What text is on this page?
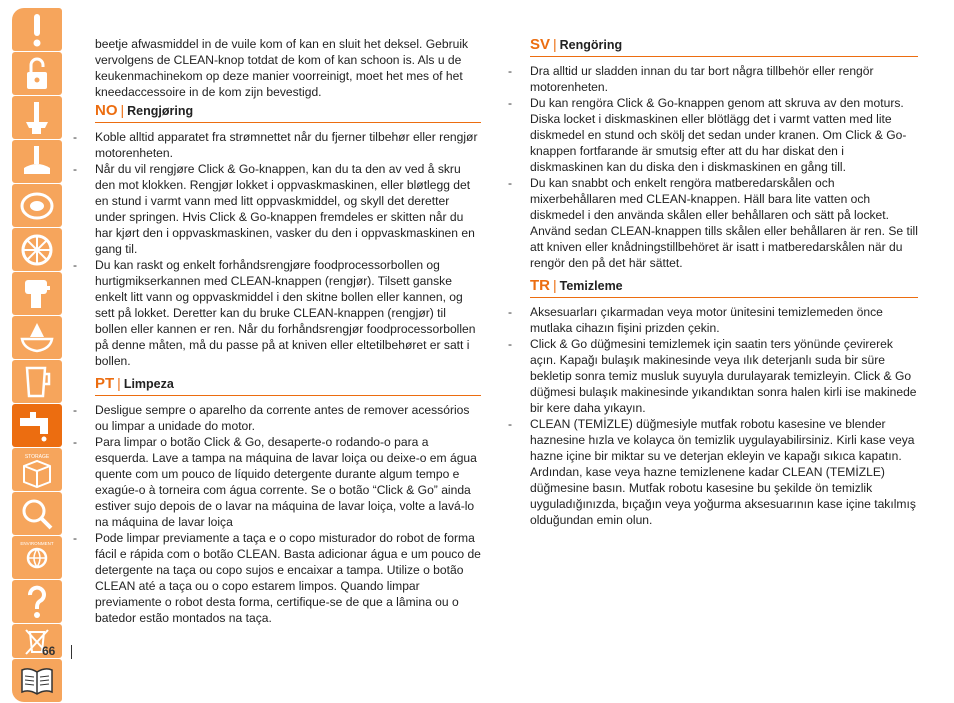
STORAGE
ENVIRONMENT
66

beetje afwasmiddel in de vuile kom of kan en sluit het deksel. Gebruik vervolgens de CLEAN-knop totdat de kom of kan schoon is. Als u de keukenmachinekom op deze manier voorreinigt, moet het mes of het kneedaccessoire in de kom zijn bevestigd.

NO | Rengjøring
- Koble alltid apparatet fra strømnettet når du fjerner tilbehør eller rengjør motorenheten.
- Når du vil rengjøre Click & Go-knappen, kan du ta den av ved å skru den mot klokken. Rengjør lokket i oppvaskmaskinen, eller bløtlegg det en stund i varmt vann med litt oppvaskmiddel, og skyll det deretter under springen. Hvis Click & Go-knappen fremdeles er skitten når du har kjørt den i oppvaskmaskinen, vasker du den i oppvaskmaskinen en gang til.
- Du kan raskt og enkelt forhåndsrengjøre foodprocessorbollen og hurtigmikserkannen med CLEAN-knappen (rengjør). Tilsett ganske enkelt litt vann og oppvaskmiddel i den skitne bollen eller kannen, og sett på lokket. Deretter kan du bruke CLEAN-knappen (rengjør) til bollen eller kannen er ren. Når du forhåndsrengjør foodprocessorbollen på denne måten, må du passe på at kniven eller eltetilbehøret er satt i bollen.
PT | Limpeza
- Desligue sempre o aparelho da corrente antes de remover acessórios ou limpar a unidade do motor.
- Para limpar o botão Click & Go, desaperte-o rodando-o para a esquerda. Lave a tampa na máquina de lavar loiça ou deixe-o em água quente com um pouco de líquido detergente durante algum tempo e exagúe-o à torneira com água corrente. Se o botão “Click & Go” ainda estiver sujo depois de o lavar na máquina de lavar loiça, volte a lavá-lo na máquina de lavar loiça
- Pode limpar previamente a taça e o copo misturador do robot de forma fácil e rápida com o botão CLEAN. Basta adicionar água e um pouco de detergente na taça ou copo sujos e encaixar a tampa. Utilize o botão CLEAN até a taça ou o copo estarem limpos. Quando limpar previamente o robot desta forma, certifique-se de que a lâmina ou o batedor estão montados na taça.
SV | Rengöring
- Dra alltid ur sladden innan du tar bort några tillbehör eller rengör motorenheten.
- Du kan rengöra Click & Go-knappen genom att skruva av den moturs. Diska locket i diskmaskinen eller blötlägg det i varmt vatten med lite diskmedel en stund och skölj det sedan under kranen. Om Click & Go-knappen fortfarande är smutsig efter att du har diskat den i diskmaskinen kan du diska den i diskmaskinen en gång till.
- Du kan snabbt och enkelt rengöra matberedarskålen och mixerbehållaren med CLEAN-knappen. Häll bara lite vatten och diskmedel i den använda skålen eller behållaren och sätt på locket. Använd sedan CLEAN-knappen tills skålen eller behållaren är ren. Se till att kniven eller knådningstillbehöret är isatt i matberedarskålen när du rengör den på det här sättet.
TR | Temizleme
- Aksesuarları çıkarmadan veya motor ünitesini temizlemeden önce mutlaka cihazın fişini prizden çekin.
- Click & Go düğmesini temizlemek için saatin ters yönünde çevirerek açın. Kapağı bulaşık makinesinde veya ılık deterjanlı suda bir süre bekletip sonra temiz musluk suyuyla durulayarak temizleyin. Click & Go düğmesi bulaşık makinesinde yıkandıktan sonra halen kirli ise makinede bir kere daha yıkayın.
- CLEAN (TEMİZLE) düğmesiyle mutfak robotu kasesine ve blender haznesine hızla ve kolayca ön temizlik uygulayabilirsiniz. Kirli kase veya hazne içine bir miktar su ve deterjan ekleyin ve kapağı sıkıca kapatın. Ardından, kase veya hazne temizlenene kadar CLEAN (TEMİZLE) düğmesine basın. Mutfak robotu kasesine bu şekilde ön temizlik uyguladığınızda, bıçağın veya yoğurma aksesuarının kase içine takılmış olduğundan emin olun.
